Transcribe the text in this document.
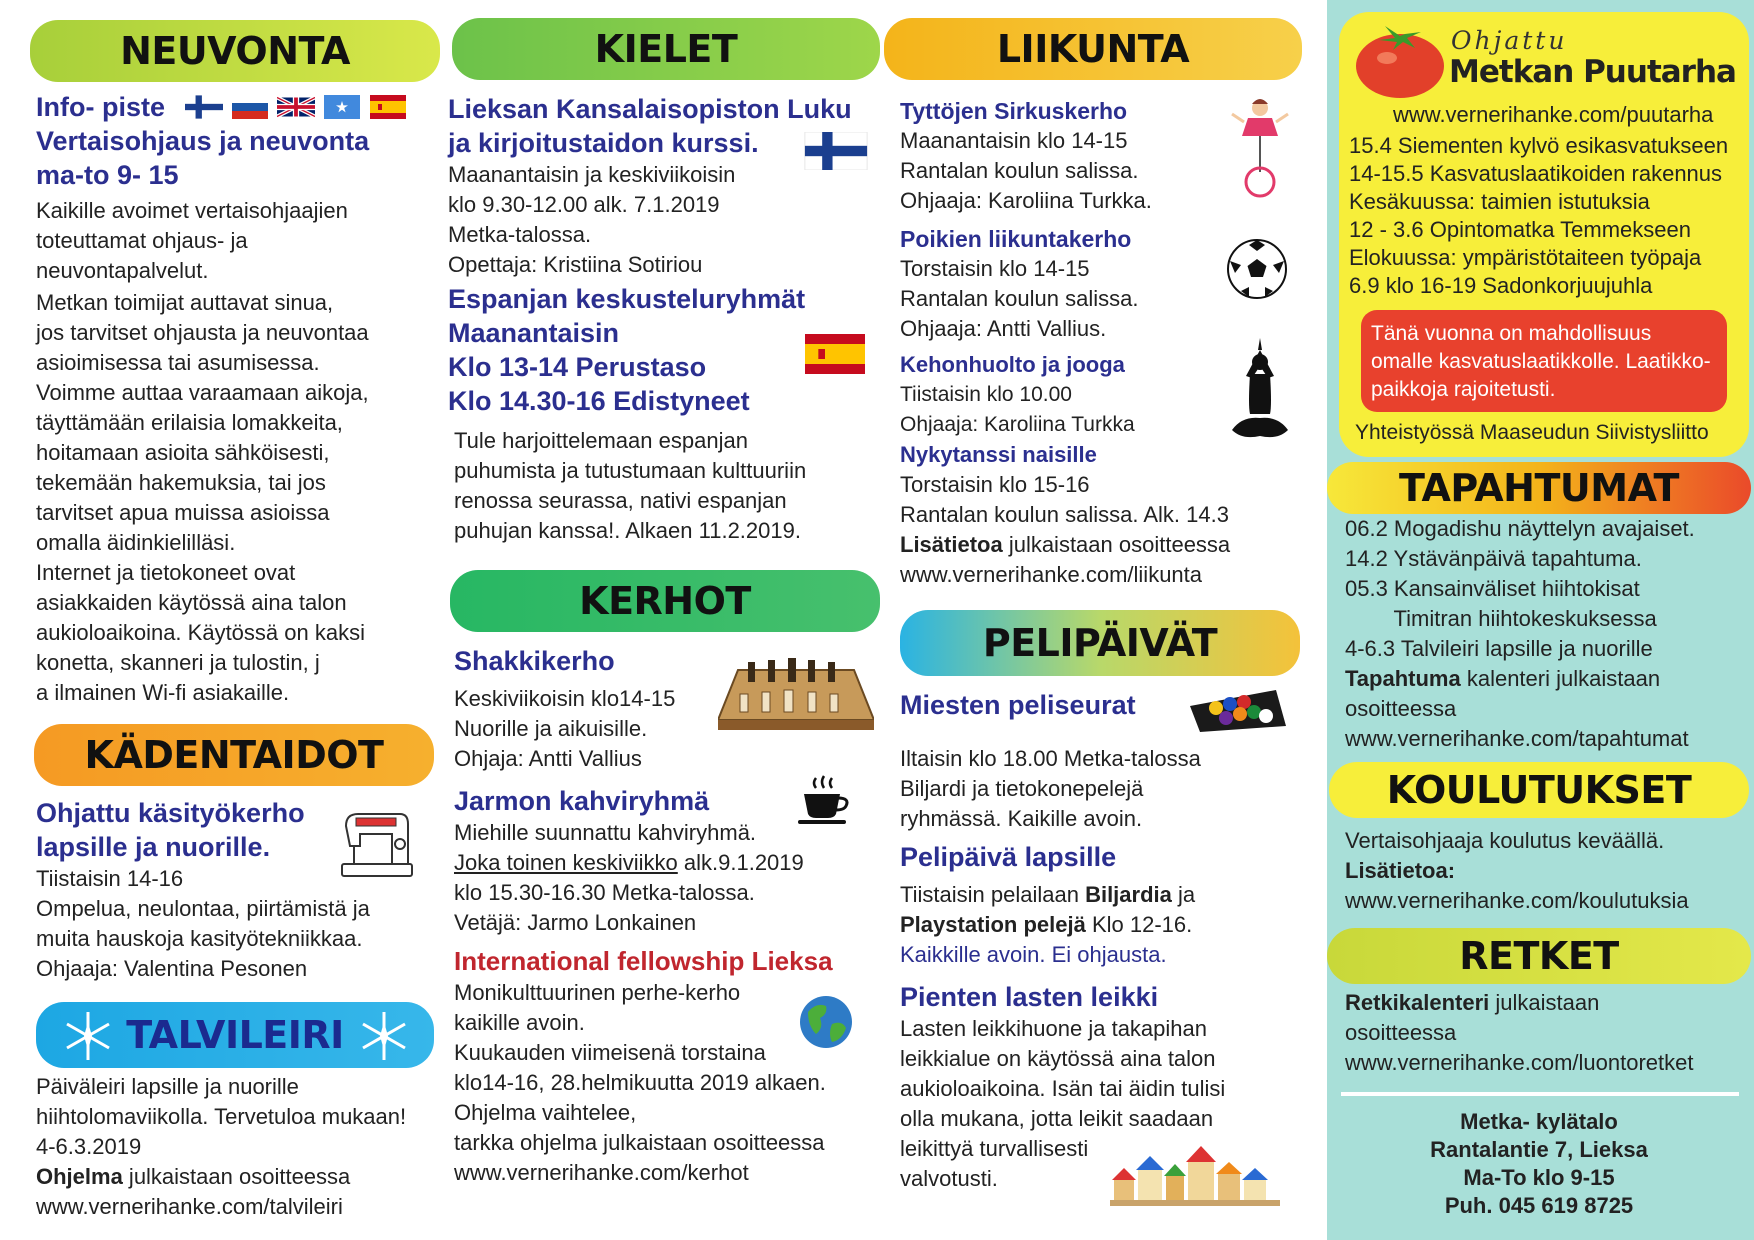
NEUVONTA
Info- piste
Vertaisohjaus ja neuvonta
ma-to 9- 15
Kaikille avoimet vertaisohjaajien
toteuttamat ohjaus- ja
neuvontapalvelut.
Metkan toimijat auttavat sinua,
jos tarvitset ohjausta ja neuvontaa
asioimisessa tai asumisessa.
Voimme auttaa varaamaan aikoja,
täyttämään erilaisia lomakkeita,
hoitamaan asioita sähköisesti,
tekemään hakemuksia, tai jos
tarvitset apua muissa asioissa
omalla äidinkielilläsi.
Internet ja tietokoneet ovat
asiakkaiden käytössä aina talon
aukioloaikoina. Käytössä on kaksi
konetta, skanneri ja tulostin, j
a ilmainen Wi-fi asiakaille.
KÄDENTAIDOT
Ohjattu käsityökerho
lapsille ja nuorille.
Tiistaisin 14-16
Ompelua, neulontaa, piirtämistä ja
muita hauskoja kasityötekniikkaa.
Ohjaaja: Valentina Pesonen
TALVILEIRI
Päiväleiri lapsille ja nuorille
hiihtolomaviikolla. Tervetuloa mukaan!
4-6.3.2019
Ohjelma julkaistaan osoitteessa
www.vernerihanke.com/talvileiri
KIELET
Lieksan Kansalaisopiston Luku
ja kirjoitustaidon kurssi.
Maanantaisin ja keskiviikoisin
klo 9.30-12.00 alk. 7.1.2019
Metka-talossa.
Opettaja: Kristiina Sotiriou
Espanjan keskusteluryhmät
Maanantaisin
Klo 13-14 Perustaso
Klo 14.30-16 Edistyneet
Tule harjoittelemaan espanjan
puhumista ja tutustumaan kulttuuriin
renossa seurassa, nativi espanjan
puhujan kanssa!. Alkaen 11.2.2019.
KERHOT
Shakkikerho
Keskiviikoisin klo14-15
Nuorille ja aikuisille.
Ohjaja: Antti Vallius
Jarmon kahviryhmä
Miehille suunnattu kahviryhmä.
Joka toinen keskiviikko alk.9.1.2019
klo 15.30-16.30 Metka-talossa.
Vetäjä: Jarmo Lonkainen
International fellowship Lieksa
Monikulttuurinen perhe-kerho
kaikille avoin.
Kuukauden viimeisenä torstaina
klo14-16, 28.helmikuutta 2019 alkaen.
Ohjelma vaihtelee,
tarkka ohjelma julkaistaan osoitteessa
www.vernerihanke.com/kerhot
LIIKUNTA
Tyttöjen Sirkuskerho
Maanantaisin klo 14-15
Rantalan koulun salissa.
Ohjaaja: Karoliina Turkka.
Poikien liikuntakerho
Torstaisin klo 14-15
Rantalan koulun salissa.
Ohjaaja: Antti Vallius.
Kehonhuolto ja jooga
Tiistaisin klo 10.00
Ohjaaja: Karoliina Turkka
Nykytanssi naisille
Torstaisin klo 15-16
Rantalan koulun salissa. Alk. 14.3
Lisätietoa julkaistaan osoitteessa
www.vernerihanke.com/liikunta
PELIPÄIVÄT
Miesten peliseurat
Iltaisin klo 18.00 Metka-talossa
Biljardi ja tietokonepelejä
ryhmässä. Kaikille avoin.
Pelipäivä lapsille
Tiistaisin pelailaan Biljardia ja
Playstation pelejä Klo 12-16.
Kaikkille avoin. Ei ohjausta.
Pienten lasten leikki
Lasten leikkihuone ja takapihan
leikkialue on käytössä aina talon
aukioloaikoina. Isän tai äidin tulisi
olla mukana, jotta leikit saadaan
leikittyä turvallisesti
valvotusti.
Ohjattu
Metkan Puutarha
www.vernerihanke.com/puutarha
15.4 Siementen kylvö esikasvatukseen
14-15.5 Kasvatuslaatikoiden rakennus
Kesäkuussa: taimien istutuksia
12 - 3.6 Opintomatka Temmekseen
Elokuussa: ympäristötaiteen työpaja
6.9 klo 16-19 Sadonkorjuujuhla
Tänä vuonna on mahdollisuus
omalle kasvatuslaatikkolle. Laatikko-
paikkoja rajoitetusti.
Yhteistyössä Maaseudun Siivistysliitto
TAPAHTUMAT
06.2 Mogadishu näyttelyn avajaiset.
14.2 Ystävänpäivä tapahtuma.
05.3 Kansainväliset hiihtokisat
Timitran hiihtokeskuksessa
4-6.3 Talvileiri lapsille ja nuorille
Tapahtuma kalenteri julkaistaan
osoitteessa
www.vernerihanke.com/tapahtumat
KOULUTUKSET
Vertaisohjaaja koulutus keväällä.
Lisätietoa:
www.vernerihanke.com/koulutuksia
RETKET
Retkikalenteri julkaistaan
osoitteessa
www.vernerihanke.com/luontoretket
Metka- kylätalo
Rantalantie 7, Lieksa
Ma-To klo 9-15
Puh. 045 619 8725
